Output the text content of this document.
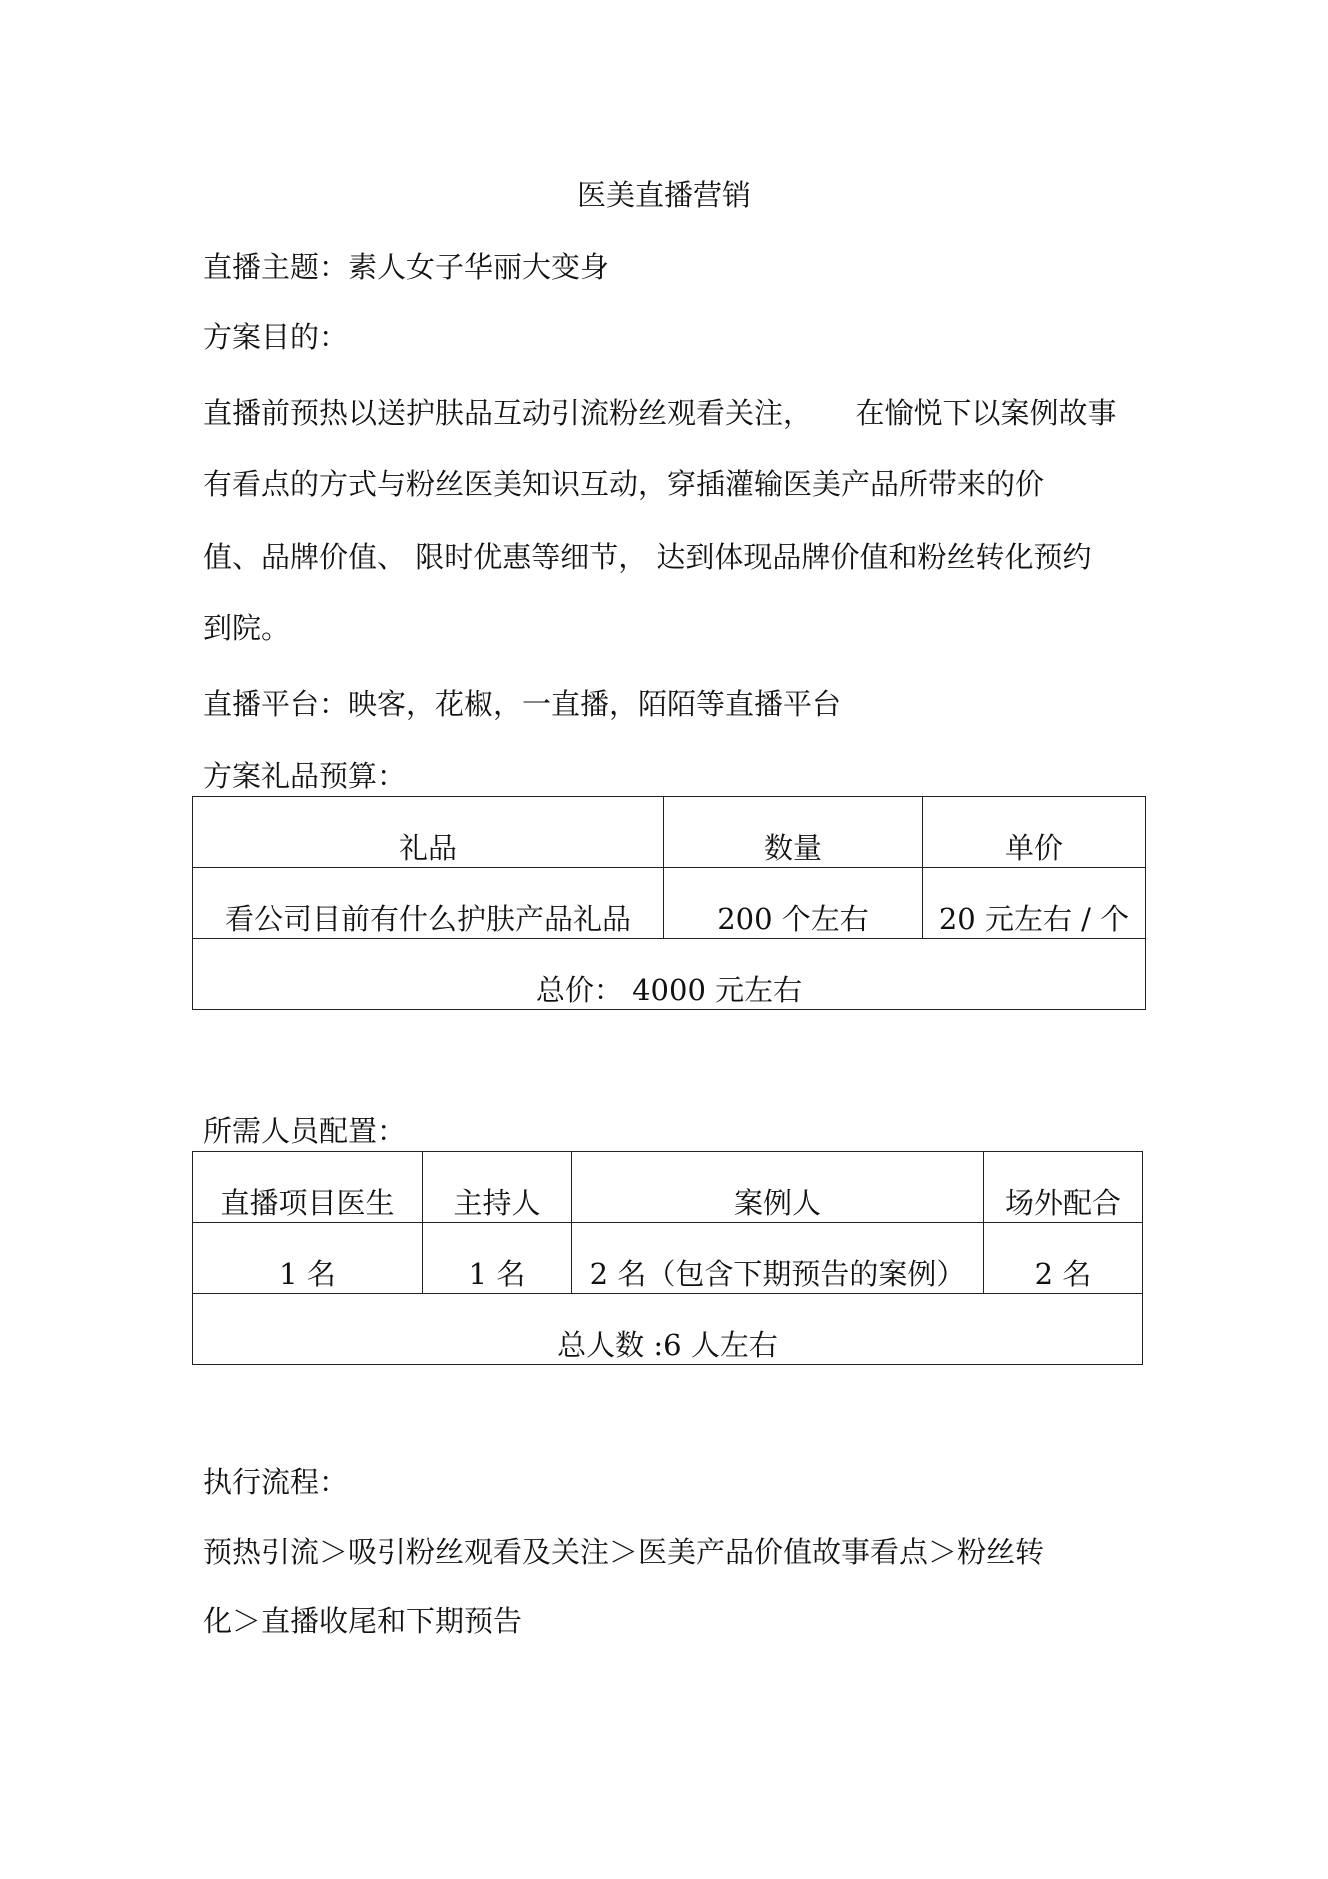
医美直播营销
直播主题：素人女子华丽大变身
方案目的：
直播前预热以送护肤品互动引流粉丝观看关注，　　在愉悦下以案例故事
有看点的方式与粉丝医美知识互动，穿插灌输医美产品所带来的价
值、品牌价值、 限时优惠等细节， 达到体现品牌价值和粉丝转化预约
到院。
直播平台：映客，花椒，一直播，陌陌等直播平台
方案礼品预算：
礼品	数量	单价

看公司目前有什么护肤产品礼品	200 个左右	20 元左右 / 个

总价： 4000 元左右		
所需人员配置：
直播项目医生	主持人	案例人	场外配合

1 名	1 名	2 名（包含下期预告的案例）	2 名

总人数 :6 人左右			
执行流程：
预热引流＞吸引粉丝观看及关注＞医美产品价值故事看点＞粉丝转
化＞直播收尾和下期预告
